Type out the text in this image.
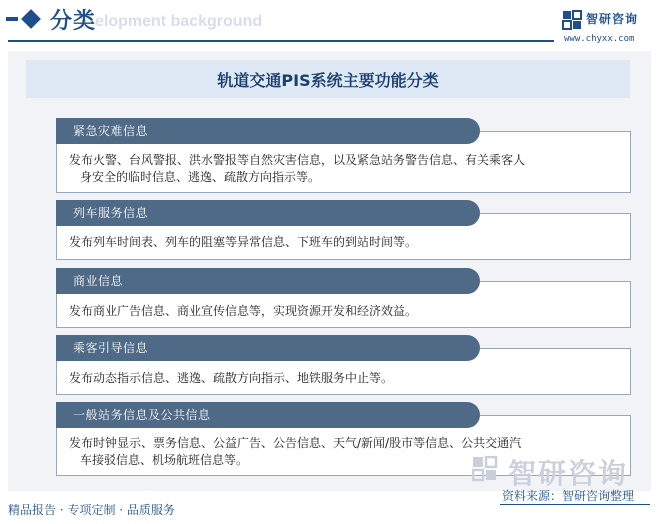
elopment background
分类	智研咨询
www.chyxx.com
轨道交通PIS系统主要功能分类
紧急灾难信息
发布火警、台风警报、洪水警报等自然灾害信息，以及紧急站务警告信息、有关乘客人
身安全的临时信息、逃逸、疏散方向指示等。
列车服务信息
发布列车时间表、列车的阻塞等异常信息、下班车的到站时间等。
商业信息
发布商业广告信息、商业宣传信息等，实现资源开发和经济效益。
乘客引导信息
发布动态指示信息、逃逸、疏散方向指示、地铁服务中止等。
一般站务信息及公共信息
发布时钟显示、票务信息、公益广告、公告信息、天气/新闻/股市等信息、公共交通汽
车接驳信息、机场航班信息等。	智研咨询
精品报告 · 专项定制 · 品质服务
资料来源：智研咨询整理
